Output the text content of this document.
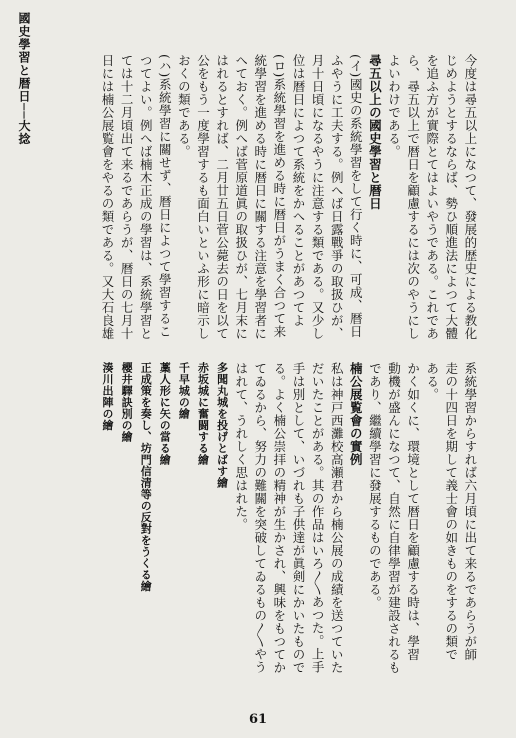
國史學習と暦日──大捻	今度は尋五以上になつて、發展的歴史による教化
じめようとするならば、勢ひ順進法によつて大體
を追ふ方が實際とてはよいやうである。これであ
ら、尋五以上で暦日を顧慮するには次のやうにし
よいわけである。
尋五以上の國史學習と暦日
(イ)國史の系統學習をして行く時に、可成、暦日
ふやうに工夫する。例へば日露戰爭の取扱ひが、
月十日頃になるやうに注意する類である。又少し
位は暦日によつて系統をかへることがあつてよ
(ロ)系統學習を進める時に暦日がうまく合つて来
統學習を進める時に暦日に關する注意を學習者に
へておく。例へば菅原道眞の取扱ひが、七月末に
はれるとすれば、二月廿五日菅公薨去の日を以て
公をもう一度學習するも面白いといふ形に暗示し
おくの類である。
(ハ)系統學習に關せず、暦日によつて學習するこ
つてよい。例へば楠木正成の學習は、系統學習と
ては十二月頃出て来るであらうが、暦日の七月十
日には楠公展覧會をやるの類である。又大石良雄
系統學習からすれば六月頃に出て来るであらうが師
走の十四日を期して義士會の如きものをするの類で
ある。
かく如くに、環境として暦日を顧慮する時は、學習
動機が盛んになつて、自然に自律學習が建設されるも
であり、繼續學習に發展するものである。
楠公展覧會の實例
私は神戸西灘校高瀬君から楠公展の成績を送つていた
だいたことがある。其の作品はいろ〳〵あつた。上手
手は別として、いづれも子供達が眞剣にかいたもので
る。よく楠公崇拝の精神が生かされ、興味をもつてか
てゐるから、努力の難關を突破してゐるもの〳〵やう
はれて、うれしく思はれた。
多聞丸城を投げとばす繪
赤坂城に奮闘する繪
千早城の繪
藁人形に矢の當る繪
正成策を奏し、坊門信清等の反對をうくる繪
櫻井驛訣別の繪
湊川出陣の繪
61
